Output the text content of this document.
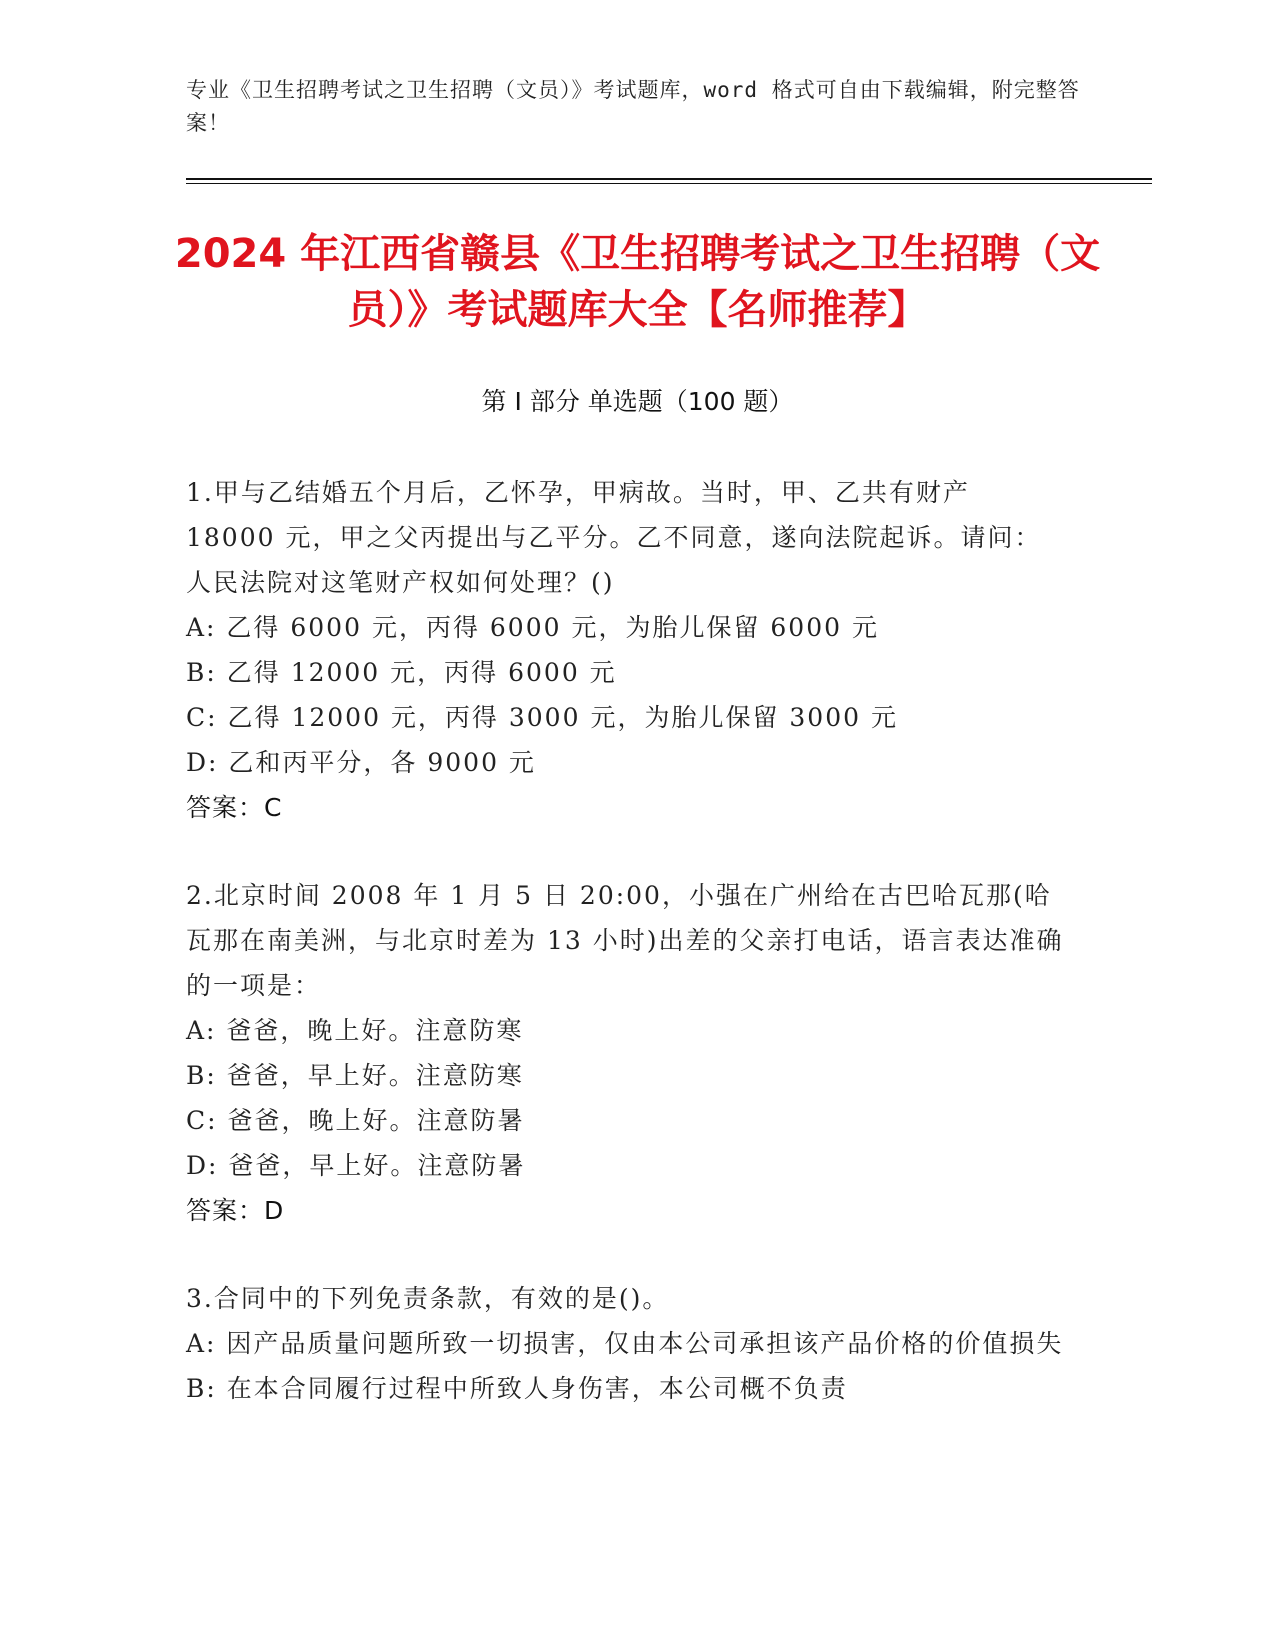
专业《卫生招聘考试之卫生招聘（文员）》考试题库，word 格式可自由下载编辑，附完整答案！
2024 年江西省赣县《卫生招聘考试之卫生招聘（文员）》考试题库大全【名师推荐】
第 I 部分 单选题（100 题）

1.甲与乙结婚五个月后，乙怀孕，甲病故。当时，甲、乙共有财产 18000 元，甲之父丙提出与乙平分。乙不同意，遂向法院起诉。请问：人民法院对这笔财产权如何处理？()

A: 乙得 6000 元，丙得 6000 元，为胎儿保留 6000 元

B: 乙得 12000 元，丙得 6000 元

C: 乙得 12000 元，丙得 3000 元，为胎儿保留 3000 元

D: 乙和丙平分，各 9000 元

答案：C

2.北京时间 2008 年 1 月 5 日 20:00，小强在广州给在古巴哈瓦那(哈瓦那在南美洲，与北京时差为 13 小时)出差的父亲打电话，语言表达准确的一项是：

A: 爸爸，晚上好。注意防寒

B: 爸爸，早上好。注意防寒

C: 爸爸，晚上好。注意防暑

D: 爸爸，早上好。注意防暑

答案：D

3.合同中的下列免责条款，有效的是()。

A: 因产品质量问题所致一切损害，仅由本公司承担该产品价格的价值损失

B: 在本合同履行过程中所致人身伤害，本公司概不负责
